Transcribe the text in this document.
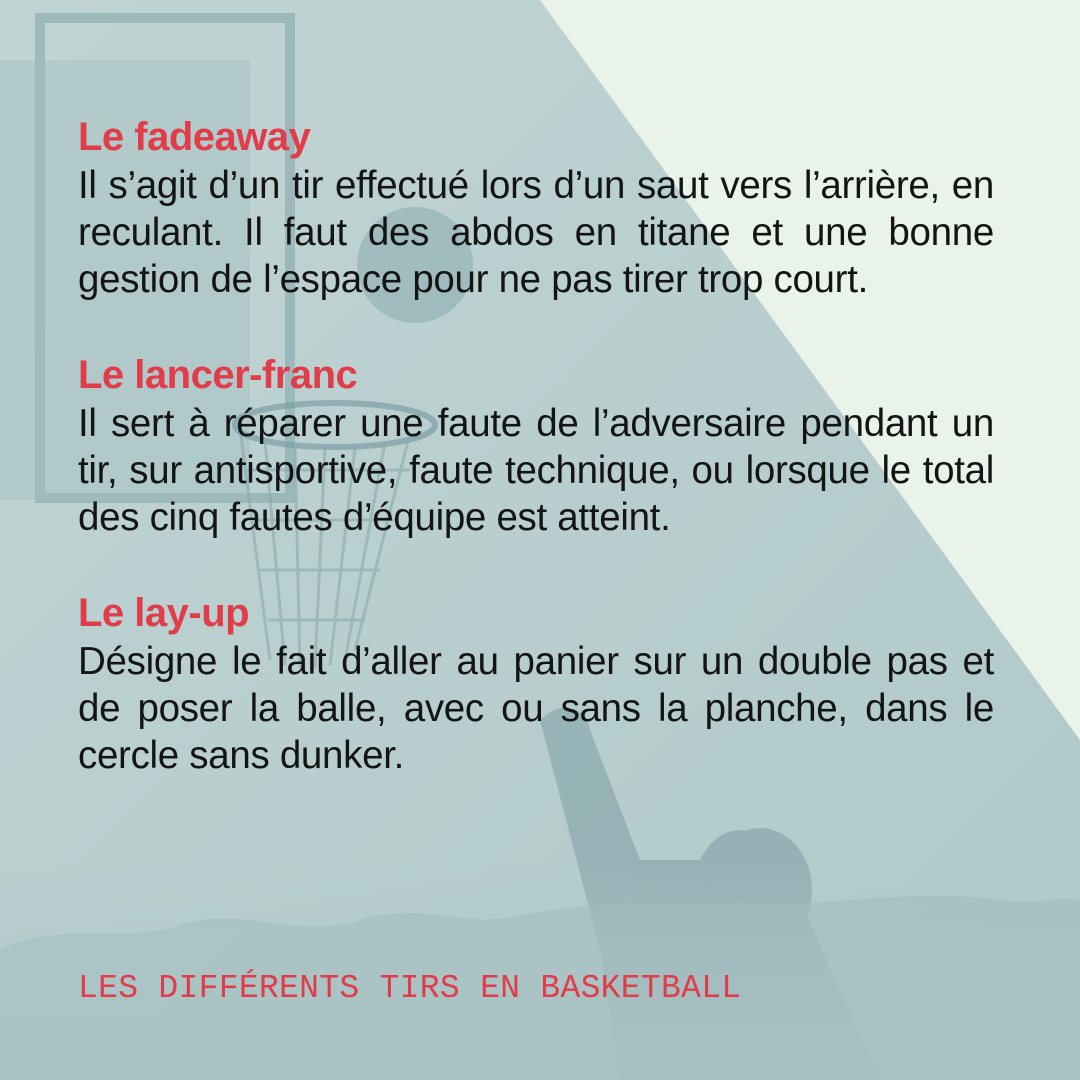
Le fadeaway

Il s’agit d’un tir effectué lors d’un saut vers l’arrière, en reculant. Il faut des abdos en titane et une bonne gestion de l’espace pour ne pas tirer trop court.

Le lancer-franc

Il sert à réparer une faute de l’adversaire pendant un tir, sur antisportive, faute technique, ou lorsque le total des cinq fautes d’équipe est atteint.

Le lay-up

Désigne le fait d’aller au panier sur un double pas et de poser la balle, avec ou sans la planche, dans le cercle sans dunker.

LES DIFFÉRENTS TIRS EN BASKETBALL
